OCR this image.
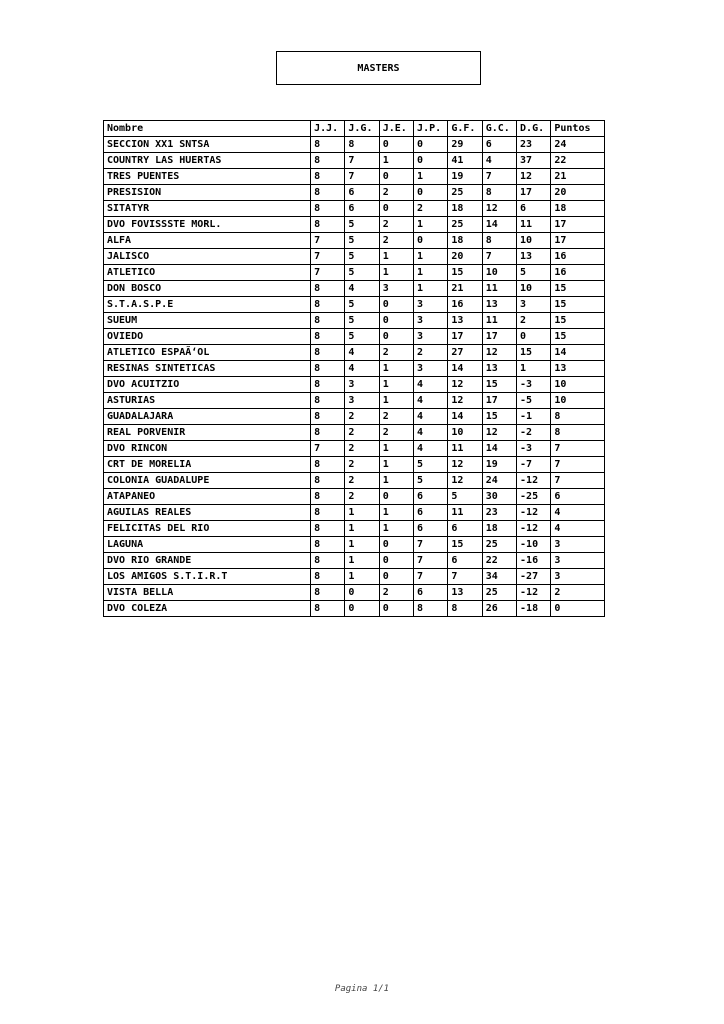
MASTERS
Nombre	J.J.	J.G.	J.E.	J.P.	G.F.	G.C.	D.G.	Puntos
SECCION XX1 SNTSA	8	8	0	0	29	6	23	24
COUNTRY LAS HUERTAS	8	7	1	0	41	4	37	22
TRES PUENTES	8	7	0	1	19	7	12	21
PRESISION	8	6	2	0	25	8	17	20
SITATYR	8	6	0	2	18	12	6	18
DVO FOVISSSTE MORL.	8	5	2	1	25	14	11	17
ALFA	7	5	2	0	18	8	10	17
JALISCO	7	5	1	1	20	7	13	16
ATLETICO	7	5	1	1	15	10	5	16
DON BOSCO	8	4	3	1	21	11	10	15
S.T.A.S.P.E	8	5	0	3	16	13	3	15
SUEUM	8	5	0	3	13	11	2	15
OVIEDO	8	5	0	3	17	17	0	15
ATLETICO ESPAÃ‘OL	8	4	2	2	27	12	15	14
RESINAS SINTETICAS	8	4	1	3	14	13	1	13
DVO ACUITZIO	8	3	1	4	12	15	-3	10
ASTURIAS	8	3	1	4	12	17	-5	10
GUADALAJARA	8	2	2	4	14	15	-1	8
REAL PORVENIR	8	2	2	4	10	12	-2	8
DVO RINCON	7	2	1	4	11	14	-3	7
CRT DE MORELIA	8	2	1	5	12	19	-7	7
COLONIA GUADALUPE	8	2	1	5	12	24	-12	7
ATAPANEO	8	2	0	6	5	30	-25	6
AGUILAS REALES	8	1	1	6	11	23	-12	4
FELICITAS DEL RIO	8	1	1	6	6	18	-12	4
LAGUNA	8	1	0	7	15	25	-10	3
DVO RIO GRANDE	8	1	0	7	6	22	-16	3
LOS AMIGOS S.T.I.R.T	8	1	0	7	7	34	-27	3
VISTA BELLA	8	0	2	6	13	25	-12	2
DVO COLEZA	8	0	0	8	8	26	-18	0
Pagina 1/1
